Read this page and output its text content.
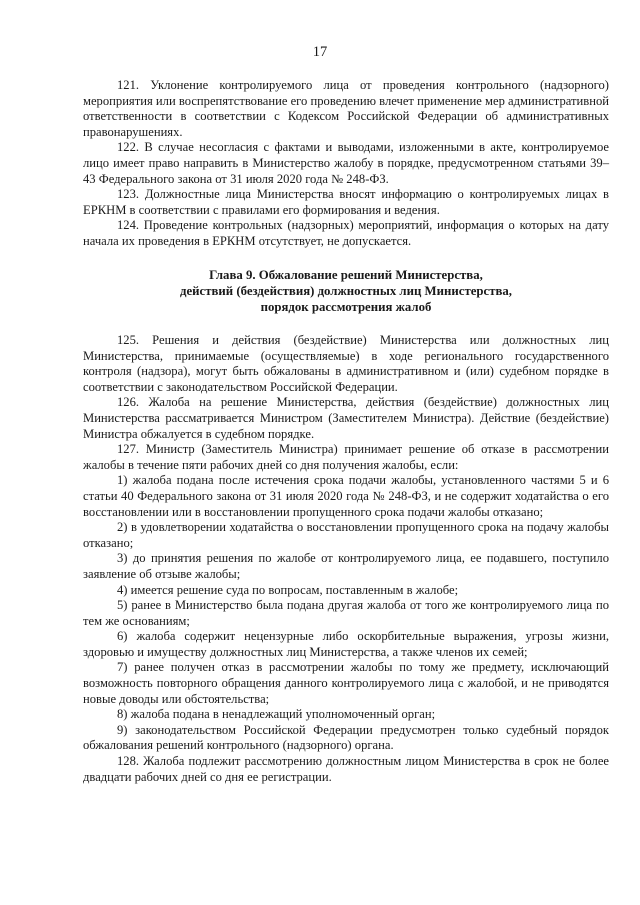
17

121. Уклонение контролируемого лица от проведения контрольного (надзорного) мероприятия или воспрепятствование его проведению влечет применение мер административной ответственности в соответствии с Кодексом Российской Федерации об административных правонарушениях.

122. В случае несогласия с фактами и выводами, изложенными в акте, контролируемое лицо имеет право направить в Министерство жалобу в порядке, предусмотренном статьями 39–43 Федерального закона от 31 июля 2020 года № 248-ФЗ.

123. Должностные лица Министерства вносят информацию о контролируемых лицах в ЕРКНМ в соответствии с правилами его формирования и ведения.

124. Проведение контрольных (надзорных) мероприятий, информация о которых на дату начала их проведения в ЕРКНМ отсутствует, не допускается.

Глава 9. Обжалование решений Министерства,
действий (бездействия) должностных лиц Министерства,
порядок рассмотрения жалоб

125. Решения и действия (бездействие) Министерства или должностных лиц Министерства, принимаемые (осуществляемые) в ходе регионального государственного контроля (надзора), могут быть обжалованы в административном и (или) судебном порядке в соответствии с законодательством Российской Федерации.

126. Жалоба на решение Министерства, действия (бездействие) должностных лиц Министерства рассматривается Министром (Заместителем Министра). Действие (бездействие) Министра обжалуется в судебном порядке.

127. Министр (Заместитель Министра) принимает решение об отказе в рассмотрении жалобы в течение пяти рабочих дней со дня получения жалобы, если:

1) жалоба подана после истечения срока подачи жалобы, установленного частями 5 и 6 статьи 40 Федерального закона от 31 июля 2020 года № 248-ФЗ, и не содержит ходатайства о его восстановлении или в восстановлении пропущенного срока подачи жалобы отказано;

2) в удовлетворении ходатайства о восстановлении пропущенного срока на подачу жалобы отказано;

3) до принятия решения по жалобе от контролируемого лица, ее подавшего, поступило заявление об отзыве жалобы;

4) имеется решение суда по вопросам, поставленным в жалобе;

5) ранее в Министерство была подана другая жалоба от того же контролируемого лица по тем же основаниям;

6) жалоба содержит нецензурные либо оскорбительные выражения, угрозы жизни, здоровью и имуществу должностных лиц Министерства, а также членов их семей;

7) ранее получен отказ в рассмотрении жалобы по тому же предмету, исключающий возможность повторного обращения данного контролируемого лица с жалобой, и не приводятся новые доводы или обстоятельства;

8) жалоба подана в ненадлежащий уполномоченный орган;

9) законодательством Российской Федерации предусмотрен только судебный порядок обжалования решений контрольного (надзорного) органа.

128. Жалоба подлежит рассмотрению должностным лицом Министерства в срок не более двадцати рабочих дней со дня ее регистрации.
